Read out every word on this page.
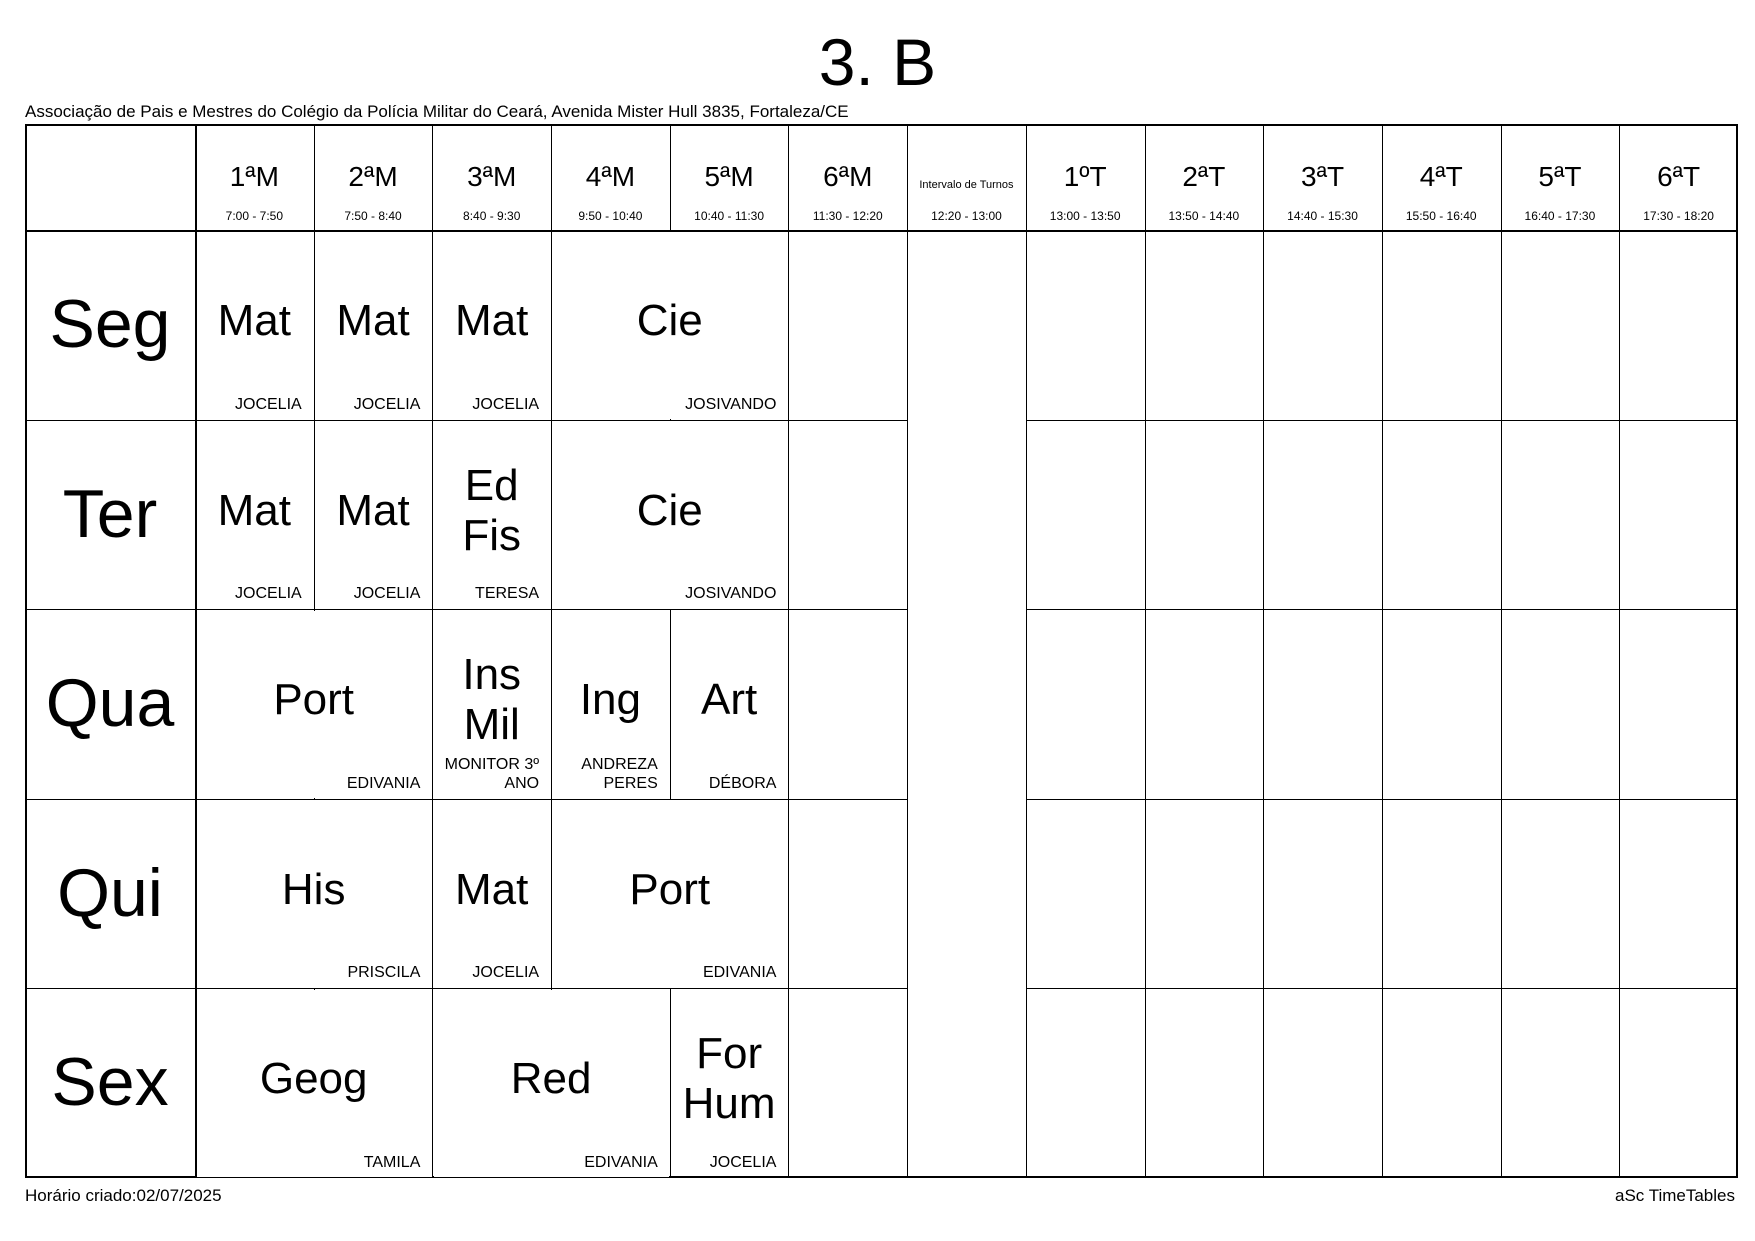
3. B
Associação de Pais e Mestres do Colégio da Polícia Militar do Ceará, Avenida Mister Hull 3835, Fortaleza/CE
1ªM
7:00 - 7:50
2ªM
7:50 - 8:40
3ªM
8:40 - 9:30
4ªM
9:50 - 10:40
5ªM
10:40 - 11:30
6ªM
11:30 - 12:20
Intervalo de Turnos
12:20 - 13:00
1ºT
13:00 - 13:50
2ªT
13:50 - 14:40
3ªT
14:40 - 15:30
4ªT
15:50 - 16:40
5ªT
16:40 - 17:30
6ªT
17:30 - 18:20
Seg
Ter
Qua
Qui
Sex
Mat
JOCELIA
Mat
JOCELIA
Mat
JOCELIA
Cie
JOSIVANDO
Mat
JOCELIA
Mat
JOCELIA
Ed
Fis
TERESA
Cie
JOSIVANDO
Port
EDIVANIA
Ins
Mil
MONITOR 3º
ANO
Ing
ANDREZA
PERES
Art
DÉBORA
His
PRISCILA
Mat
JOCELIA
Port
EDIVANIA
Geog
TAMILA
Red
EDIVANIA
For
Hum
JOCELIA
Horário criado:02/07/2025	aSc TimeTables
